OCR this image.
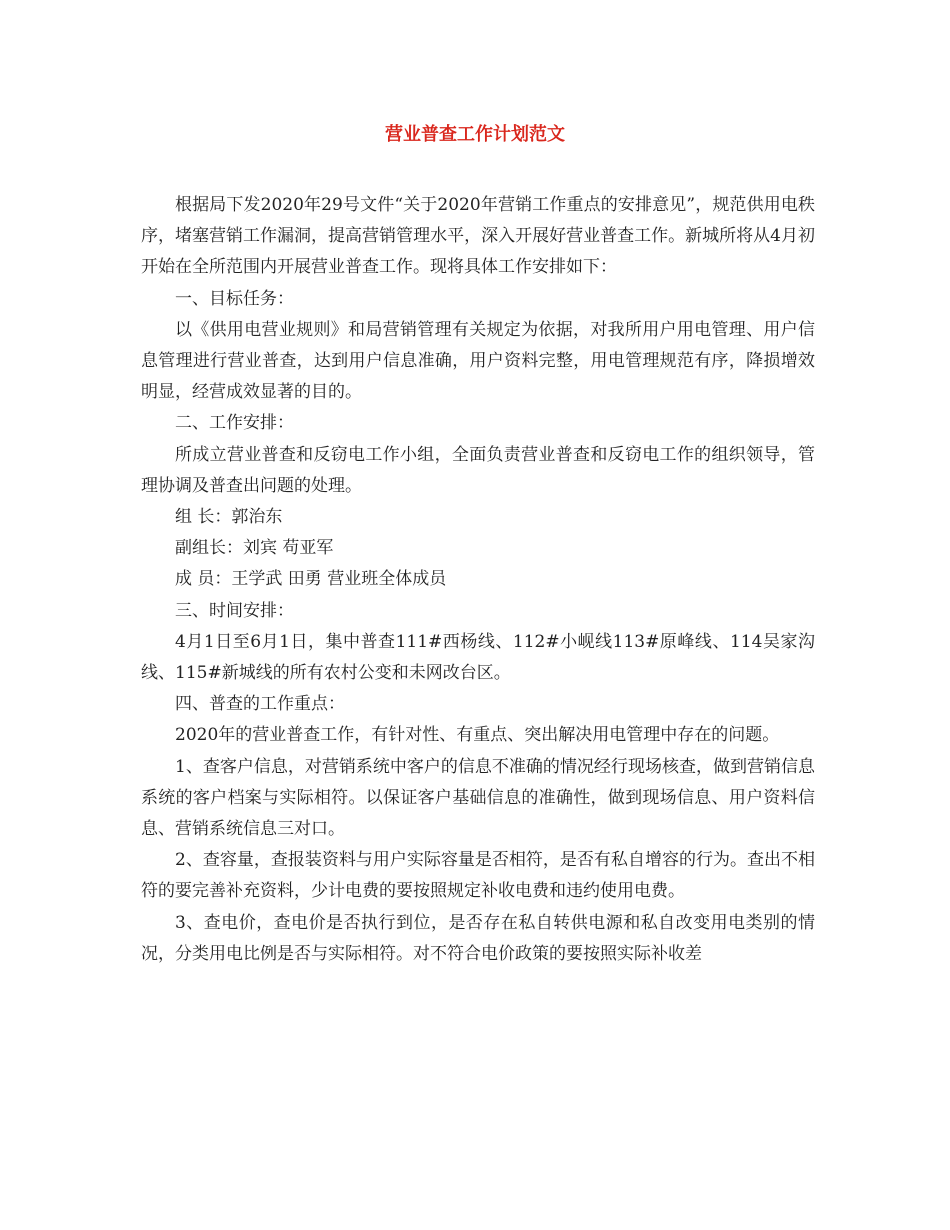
营业普查工作计划范文

根据局下发2020年29号文件“关于2020年营销工作重点的安排意见”，规范供用电秩序，堵塞营销工作漏洞，提高营销管理水平，深入开展好营业普查工作。新城所将从4月初开始在全所范围内开展营业普查工作。现将具体工作安排如下：

一、目标任务：

以《供用电营业规则》和局营销管理有关规定为依据，对我所用户用电管理、用户信息管理进行营业普查，达到用户信息准确，用户资料完整，用电管理规范有序，降损增效明显，经营成效显著的目的。

二、工作安排：

所成立营业普查和反窃电工作小组，全面负责营业普查和反窃电工作的组织领导，管理协调及普查出问题的处理。

组 长：郭治东

副组长：刘宾 苟亚军

成 员：王学武 田勇 营业班全体成员

三、时间安排：

4月1日至6月1日，集中普查111#西杨线、112#小岘线113#原峰线、114吴家沟线、115#新城线的所有农村公变和未网改台区。

四、普查的工作重点：

2020年的营业普查工作，有针对性、有重点、突出解决用电管理中存在的问题。

1、查客户信息，对营销系统中客户的信息不准确的情况经行现场核查，做到营销信息系统的客户档案与实际相符。以保证客户基础信息的准确性，做到现场信息、用户资料信息、营销系统信息三对口。

2、查容量，查报装资料与用户实际容量是否相符，是否有私自增容的行为。查出不相符的要完善补充资料，少计电费的要按照规定补收电费和违约使用电费。

3、查电价，查电价是否执行到位，是否存在私自转供电源和私自改变用电类别的情况，分类用电比例是否与实际相符。对不符合电价政策的要按照实际补收差
